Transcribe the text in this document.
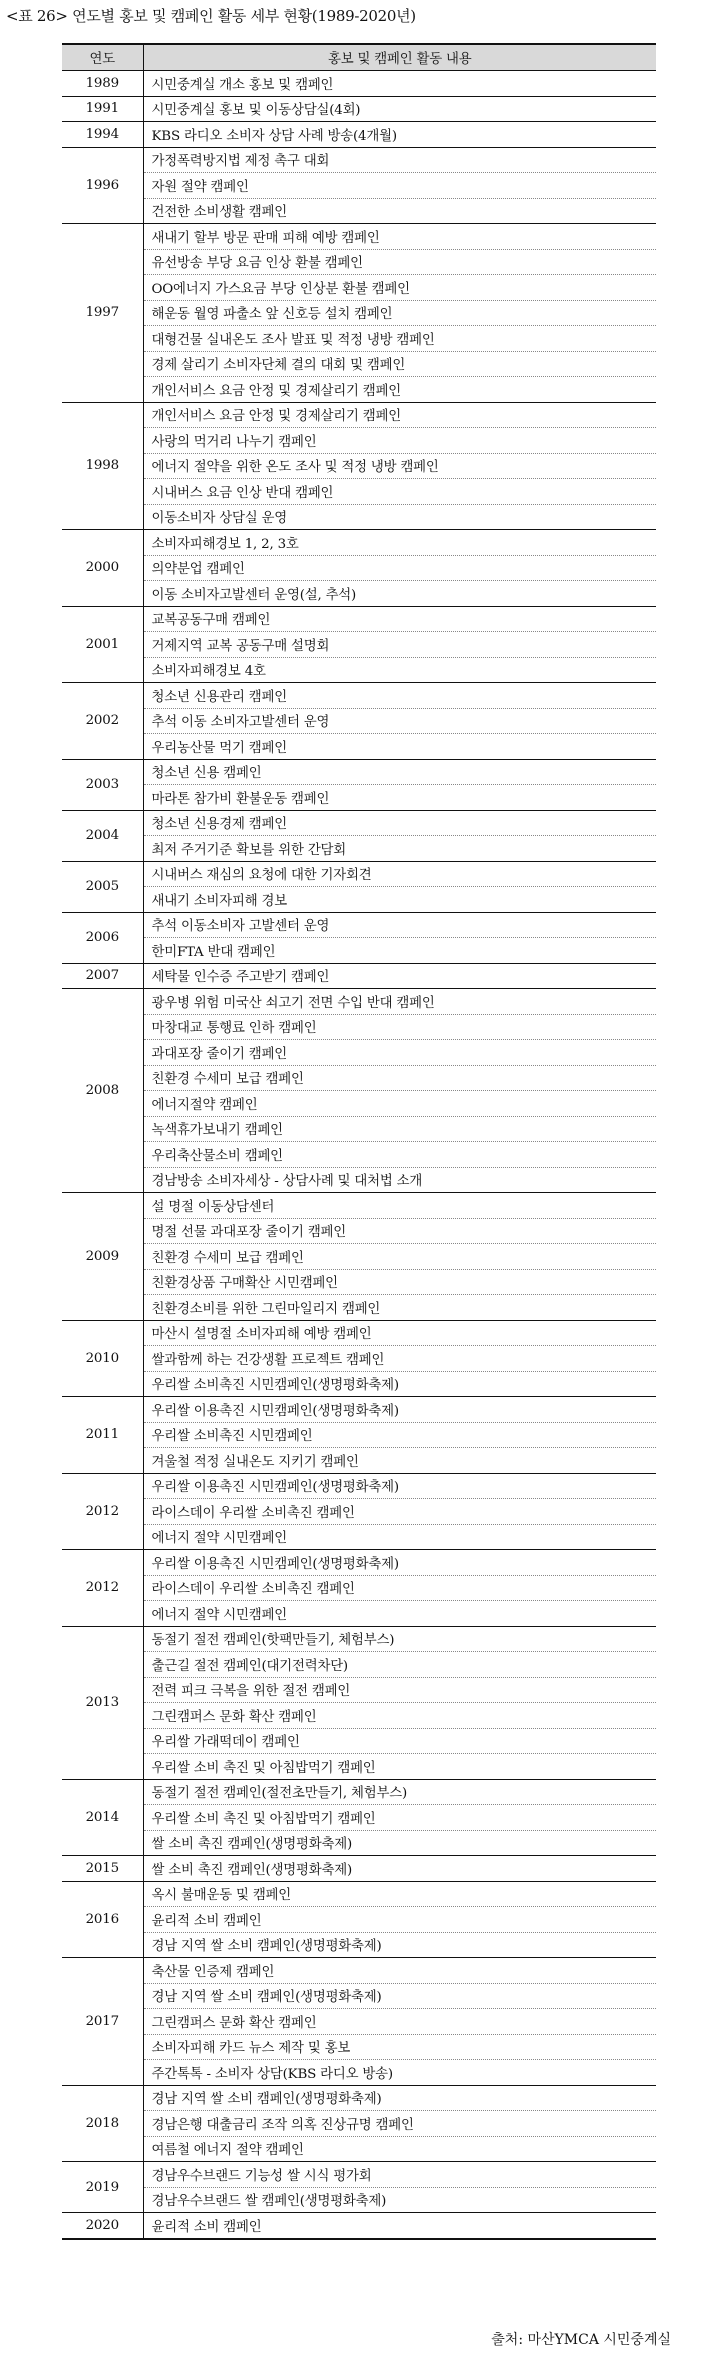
<표 26> 연도별 홍보 및 캠페인 활동 세부 현황(1989-2020년)
연도	홍보 및 캠페인 활동 내용
1989	시민중계실 개소 홍보 및 캠페인
1991	시민중계실 홍보 및 이동상담실(4회)
1994	KBS 라디오 소비자 상담 사례 방송(4개월)
1996	가정폭력방지법 제정 촉구 대회
	자원 절약 캠페인
	건전한 소비생활 캠페인
1997	새내기 할부 방문 판매 피해 예방 캠페인
	유선방송 부당 요금 인상 환불 캠페인
	OO에너지 가스요금 부당 인상분 환불 캠페인
	해운동 월영 파출소 앞 신호등 설치 캠페인
	대형건물 실내온도 조사 발표 및 적정 냉방 캠페인
	경제 살리기 소비자단체 결의 대회 및 캠페인
	개인서비스 요금 안정 및 경제살리기 캠페인
1998	개인서비스 요금 안정 및 경제살리기 캠페인
	사랑의 먹거리 나누기 캠페인
	에너지 절약을 위한 온도 조사 및 적정 냉방 캠페인
	시내버스 요금 인상 반대 캠페인
	이동소비자 상담실 운영
2000	소비자피해경보 1, 2, 3호
	의약분업 캠페인
	이동 소비자고발센터 운영(설, 추석)
2001	교복공동구매 캠페인
	거제지역 교복 공동구매 설명회
	소비자피해경보 4호
2002	청소년 신용관리 캠페인
	추석 이동 소비자고발센터 운영
	우리농산물 먹기 캠페인
2003	청소년 신용 캠페인
	마라톤 참가비 환불운동 캠페인
2004	청소년 신용경제 캠페인
	최저 주거기준 확보를 위한 간담회
2005	시내버스 재심의 요청에 대한 기자회견
	새내기 소비자피해 경보
2006	추석 이동소비자 고발센터 운영
	한미FTA 반대 캠페인
2007	세탁물 인수증 주고받기 캠페인
2008	광우병 위험 미국산 쇠고기 전면 수입 반대 캠페인
	마창대교 통행료 인하 캠페인
	과대포장 줄이기 캠페인
	친환경 수세미 보급 캠페인
	에너지절약 캠페인
	녹색휴가보내기 캠페인
	우리축산물소비 캠페인
	경남방송 소비자세상 - 상담사례 및 대처법 소개
2009	설 명절 이동상담센터
	명절 선물 과대포장 줄이기 캠페인
	친환경 수세미 보급 캠페인
	친환경상품 구매확산 시민캠페인
	친환경소비를 위한 그린마일리지 캠페인
2010	마산시 설명절 소비자피해 예방 캠페인
	쌀과함께 하는 건강생활 프로젝트 캠페인
	우리쌀 소비촉진 시민캠페인(생명평화축제)
2011	우리쌀 이용촉진 시민캠페인(생명평화축제)
	우리쌀 소비촉진 시민캠페인
	겨울철 적정 실내온도 지키기 캠페인
2012	우리쌀 이용촉진 시민캠페인(생명평화축제)
	라이스데이 우리쌀 소비촉진 캠페인
	에너지 절약 시민캠페인
2012	우리쌀 이용촉진 시민캠페인(생명평화축제)
	라이스데이 우리쌀 소비촉진 캠페인
	에너지 절약 시민캠페인
2013	동절기 절전 캠페인(핫팩만들기, 체험부스)
	출근길 절전 캠페인(대기전력차단)
	전력 피크 극복을 위한 절전 캠페인
	그린캠퍼스 문화 확산 캠페인
	우리쌀 가래떡데이 캠페인
	우리쌀 소비 촉진 및 아침밥먹기 캠페인
2014	동절기 절전 캠페인(절전초만들기, 체험부스)
	우리쌀 소비 촉진 및 아침밥먹기 캠페인
	쌀 소비 촉진 캠페인(생명평화축제)
2015	쌀 소비 촉진 캠페인(생명평화축제)
2016	옥시 불매운동 및 캠페인
	윤리적 소비 캠페인
	경남 지역 쌀 소비 캠페인(생명평화축제)
2017	축산물 인증제 캠페인
	경남 지역 쌀 소비 캠페인(생명평화축제)
	그린캠퍼스 문화 확산 캠페인
	소비자피해 카드 뉴스 제작 및 홍보
	주간톡톡 - 소비자 상담(KBS 라디오 방송)
2018	경남 지역 쌀 소비 캠페인(생명평화축제)
	경남은행 대출금리 조작 의혹 진상규명 캠페인
	여름철 에너지 절약 캠페인
2019	경남우수브랜드 기능성 쌀 시식 평가회
	경남우수브랜드 쌀 캠페인(생명평화축제)
2020	윤리적 소비 캠페인
출처: 마산YMCA 시민중계실
